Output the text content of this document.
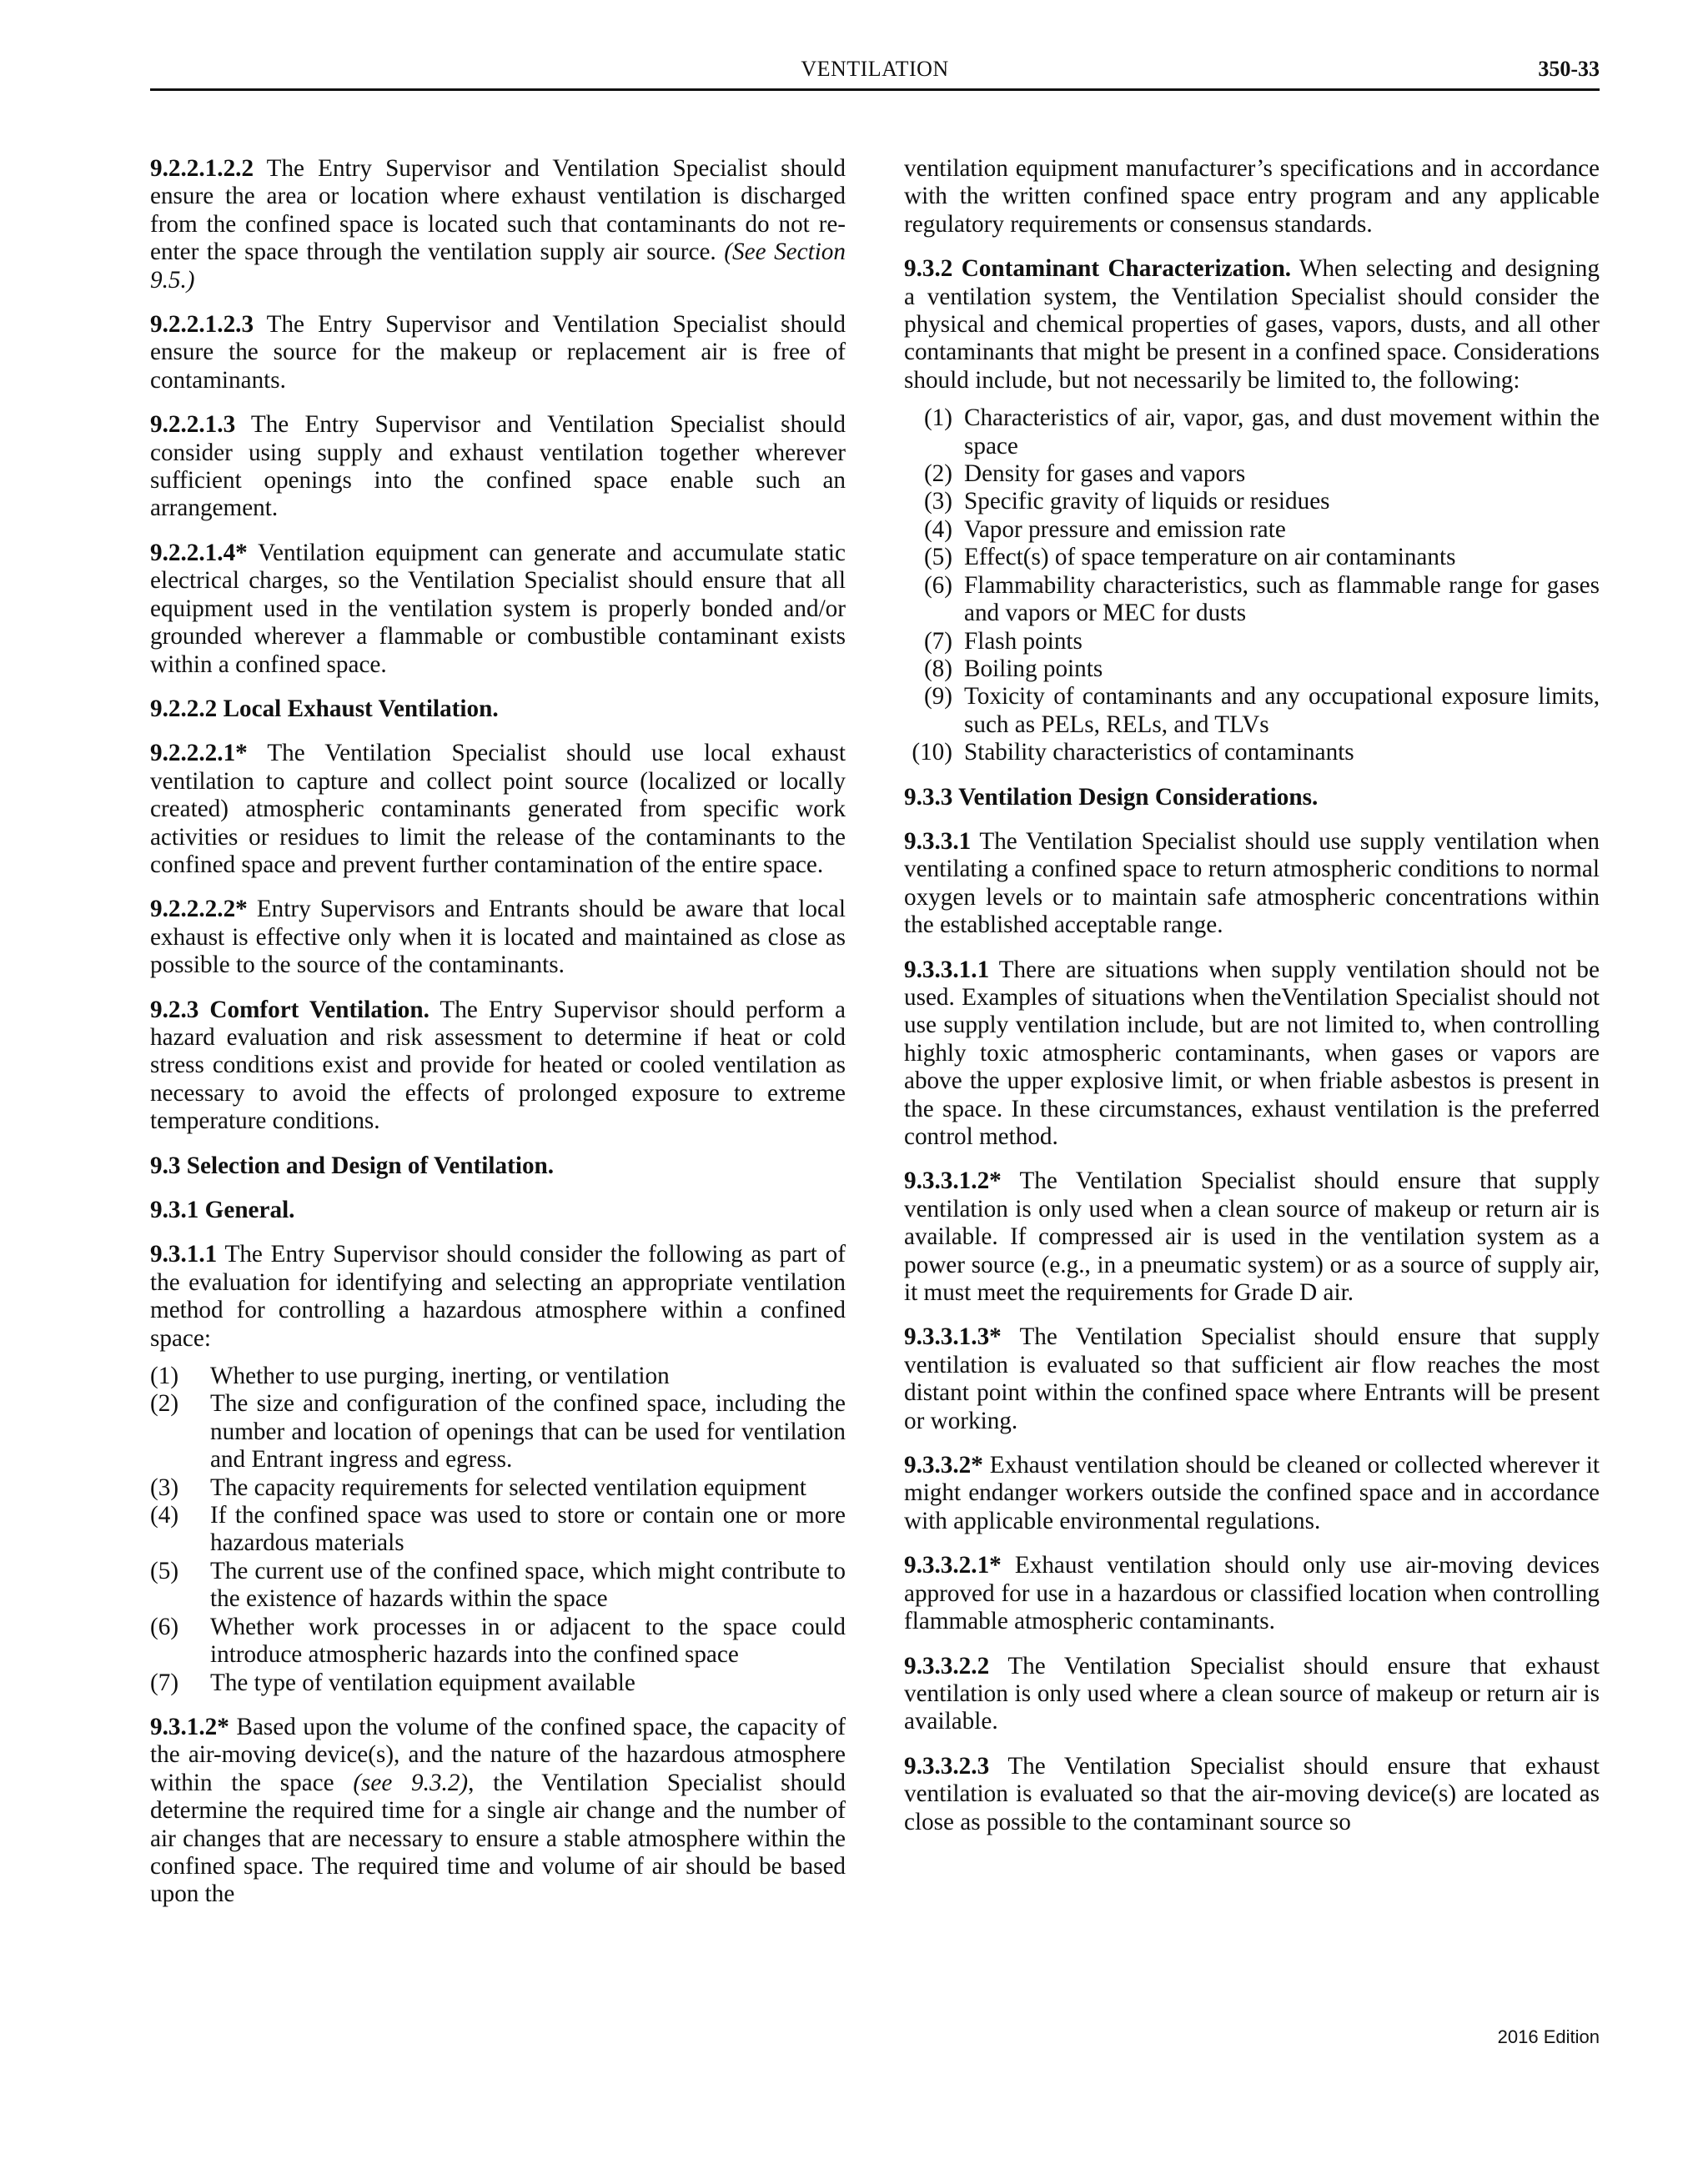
VENTILATION	350-33

9.2.2.1.2.2 The Entry Supervisor and Ventilation Specialist should ensure the area or location where exhaust ventilation is discharged from the confined space is located such that contaminants do not re-enter the space through the ventilation supply air source. (See Section 9.5.)

9.2.2.1.2.3 The Entry Supervisor and Ventilation Specialist should ensure the source for the makeup or replacement air is free of contaminants.

9.2.2.1.3 The Entry Supervisor and Ventilation Specialist should consider using supply and exhaust ventilation together wherever sufficient openings into the confined space enable such an arrangement.

9.2.2.1.4* Ventilation equipment can generate and accumulate static electrical charges, so the Ventilation Specialist should ensure that all equipment used in the ventilation system is properly bonded and/or grounded wherever a flammable or combustible contaminant exists within a confined space.

9.2.2.2 Local Exhaust Ventilation.

9.2.2.2.1* The Ventilation Specialist should use local exhaust ventilation to capture and collect point source (localized or locally created) atmospheric contaminants generated from specific work activities or residues to limit the release of the contaminants to the confined space and prevent further contamination of the entire space.

9.2.2.2.2* Entry Supervisors and Entrants should be aware that local exhaust is effective only when it is located and maintained as close as possible to the source of the contaminants.

9.2.3 Comfort Ventilation. The Entry Supervisor should perform a hazard evaluation and risk assessment to determine if heat or cold stress conditions exist and provide for heated or cooled ventilation as necessary to avoid the effects of prolonged exposure to extreme temperature conditions.

9.3 Selection and Design of Ventilation.

9.3.1 General.

9.3.1.1 The Entry Supervisor should consider the following as part of the evaluation for identifying and selecting an appropriate ventilation method for controlling a hazardous atmosphere within a confined space:

(1)	Whether to use purging, inerting, or ventilation
(2)	The size and configuration of the confined space, including the number and location of openings that can be used for ventilation and Entrant ingress and egress.
(3)	The capacity requirements for selected ventilation equipment
(4)	If the confined space was used to store or contain one or more hazardous materials
(5)	The current use of the confined space, which might contribute to the existence of hazards within the space
(6)	Whether work processes in or adjacent to the space could introduce atmospheric hazards into the confined space
(7)	The type of ventilation equipment available

9.3.1.2* Based upon the volume of the confined space, the capacity of the air-moving device(s), and the nature of the hazardous atmosphere within the space (see 9.3.2), the Ventilation Specialist should determine the required time for a single air change and the number of air changes that are necessary to ensure a stable atmosphere within the confined space. The required time and volume of air should be based upon the

ventilation equipment manufacturer’s specifications and in accordance with the written confined space entry program and any applicable regulatory requirements or consensus standards.

9.3.2 Contaminant Characterization. When selecting and designing a ventilation system, the Ventilation Specialist should consider the physical and chemical properties of gases, vapors, dusts, and all other contaminants that might be present in a confined space. Considerations should include, but not necessarily be limited to, the following:

(1) Characteristics of air, vapor, gas, and dust movement within the space
(2) Density for gases and vapors
(3) Specific gravity of liquids or residues
(4) Vapor pressure and emission rate
(5) Effect(s) of space temperature on air contaminants
(6) Flammability characteristics, such as flammable range for gases and vapors or MEC for dusts
(7) Flash points
(8) Boiling points
(9) Toxicity of contaminants and any occupational exposure limits, such as PELs, RELs, and TLVs
(10) Stability characteristics of contaminants

9.3.3 Ventilation Design Considerations.

9.3.3.1 The Ventilation Specialist should use supply ventilation when ventilating a confined space to return atmospheric conditions to normal oxygen levels or to maintain safe atmospheric concentrations within the established acceptable range.

9.3.3.1.1 There are situations when supply ventilation should not be used. Examples of situations when theVentilation Specialist should not use supply ventilation include, but are not limited to, when controlling highly toxic atmospheric contaminants, when gases or vapors are above the upper explosive limit, or when friable asbestos is present in the space. In these circumstances, exhaust ventilation is the preferred control method.

9.3.3.1.2* The Ventilation Specialist should ensure that supply ventilation is only used when a clean source of makeup or return air is available. If compressed air is used in the ventilation system as a power source (e.g., in a pneumatic system) or as a source of supply air, it must meet the requirements for Grade D air.

9.3.3.1.3* The Ventilation Specialist should ensure that supply ventilation is evaluated so that sufficient air flow reaches the most distant point within the confined space where Entrants will be present or working.

9.3.3.2* Exhaust ventilation should be cleaned or collected wherever it might endanger workers outside the confined space and in accordance with applicable environmental regulations.

9.3.3.2.1* Exhaust ventilation should only use air-moving devices approved for use in a hazardous or classified location when controlling flammable atmospheric contaminants.

9.3.3.2.2 The Ventilation Specialist should ensure that exhaust ventilation is only used where a clean source of makeup or return air is available.

9.3.3.2.3 The Ventilation Specialist should ensure that exhaust ventilation is evaluated so that the air-moving device(s) are located as close as possible to the contaminant source so

2016 Edition
